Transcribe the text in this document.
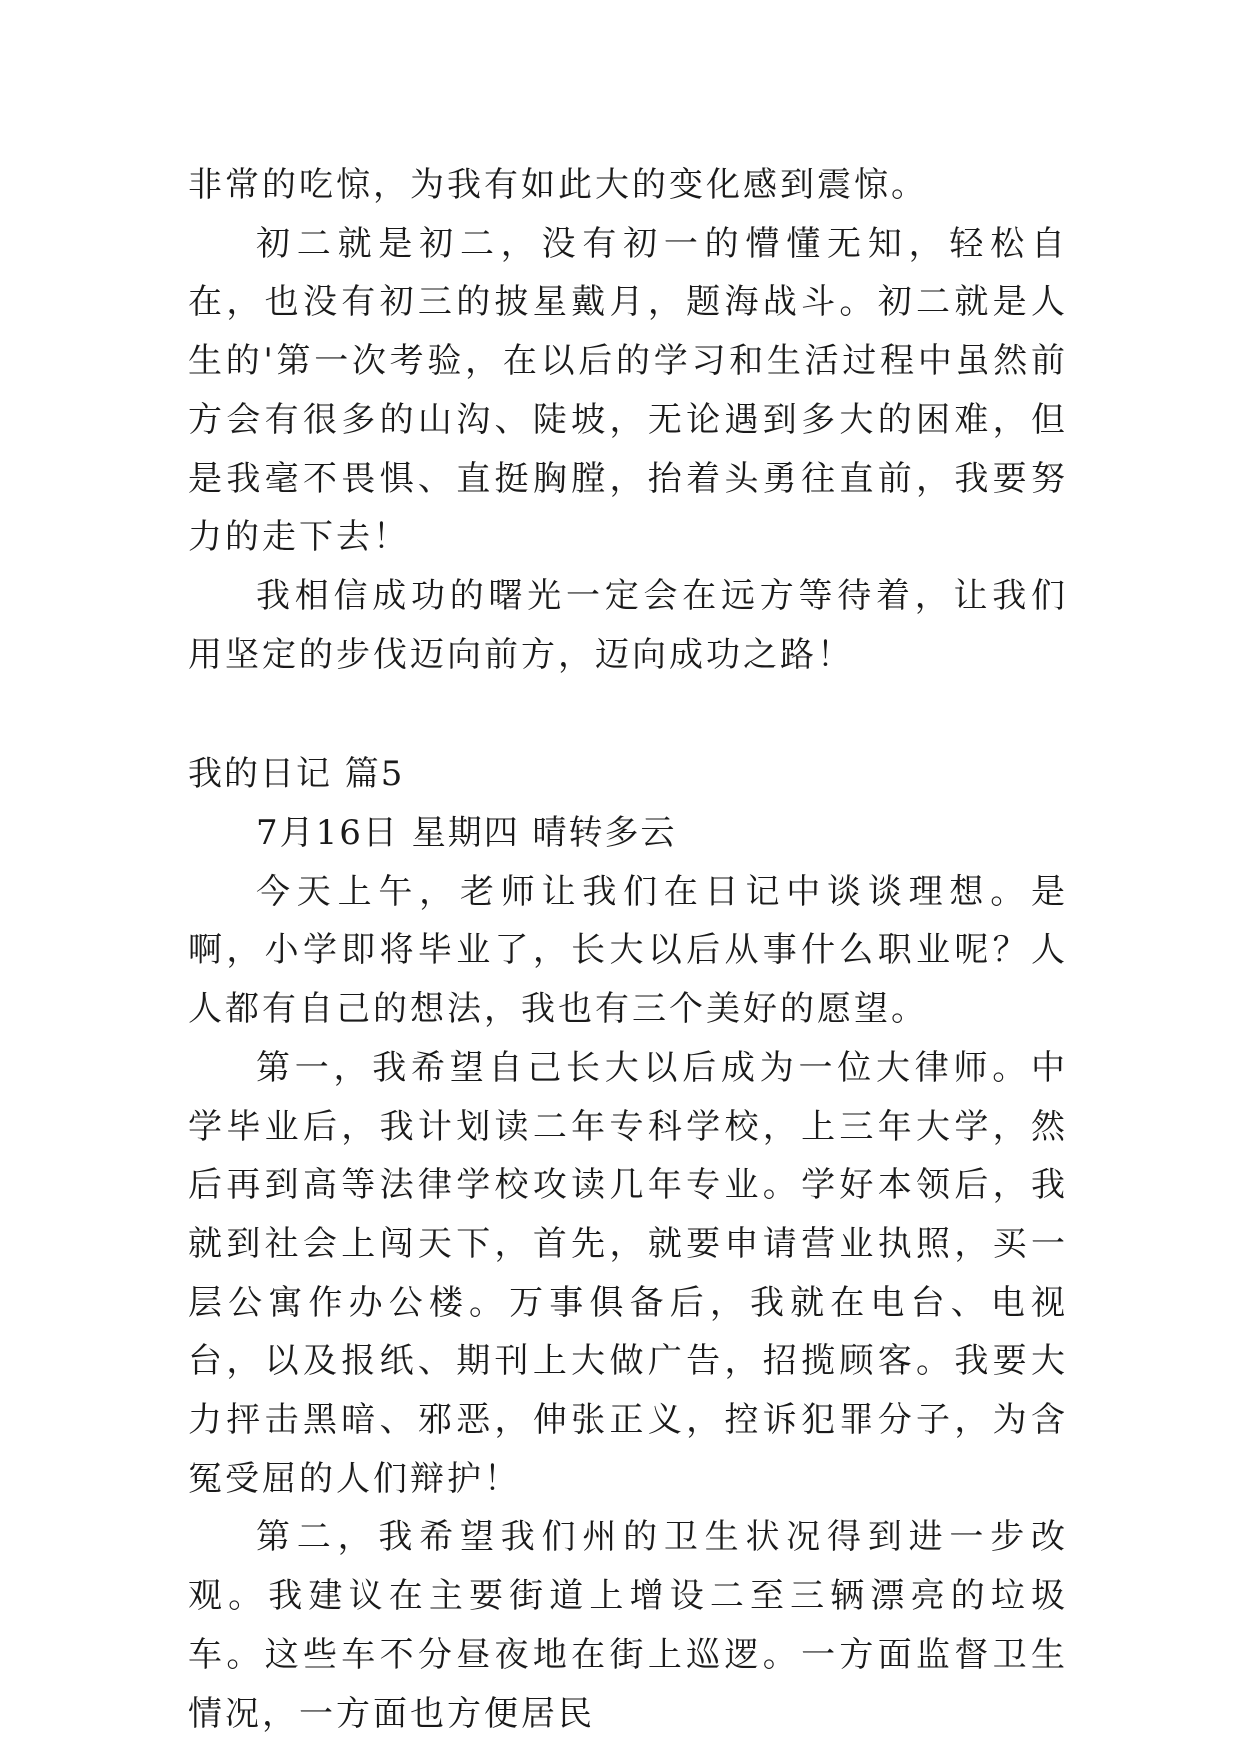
非常的吃惊，为我有如此大的变化感到震惊。

初二就是初二，没有初一的懵懂无知，轻松自在，也没有初三的披星戴月，题海战斗。初二就是人生的'第一次考验，在以后的学习和生活过程中虽然前方会有很多的山沟、陡坡，无论遇到多大的困难，但是我毫不畏惧、直挺胸膛，抬着头勇往直前，我要努力的走下去！

我相信成功的曙光一定会在远方等待着，让我们用坚定的步伐迈向前方，迈向成功之路！

我的日记 篇5

7月16日 星期四 晴转多云

今天上午，老师让我们在日记中谈谈理想。是啊，小学即将毕业了，长大以后从事什么职业呢？人人都有自己的想法，我也有三个美好的愿望。

第一，我希望自己长大以后成为一位大律师。中学毕业后，我计划读二年专科学校，上三年大学，然后再到高等法律学校攻读几年专业。学好本领后，我就到社会上闯天下，首先，就要申请营业执照，买一层公寓作办公楼。万事俱备后，我就在电台、电视台，以及报纸、期刊上大做广告，招揽顾客。我要大力抨击黑暗、邪恶，伸张正义，控诉犯罪分子，为含冤受屈的人们辩护！

第二，我希望我们州的卫生状况得到进一步改观。我建议在主要街道上增设二至三辆漂亮的垃圾车。这些车不分昼夜地在街上巡逻。一方面监督卫生情况，一方面也方便居民
